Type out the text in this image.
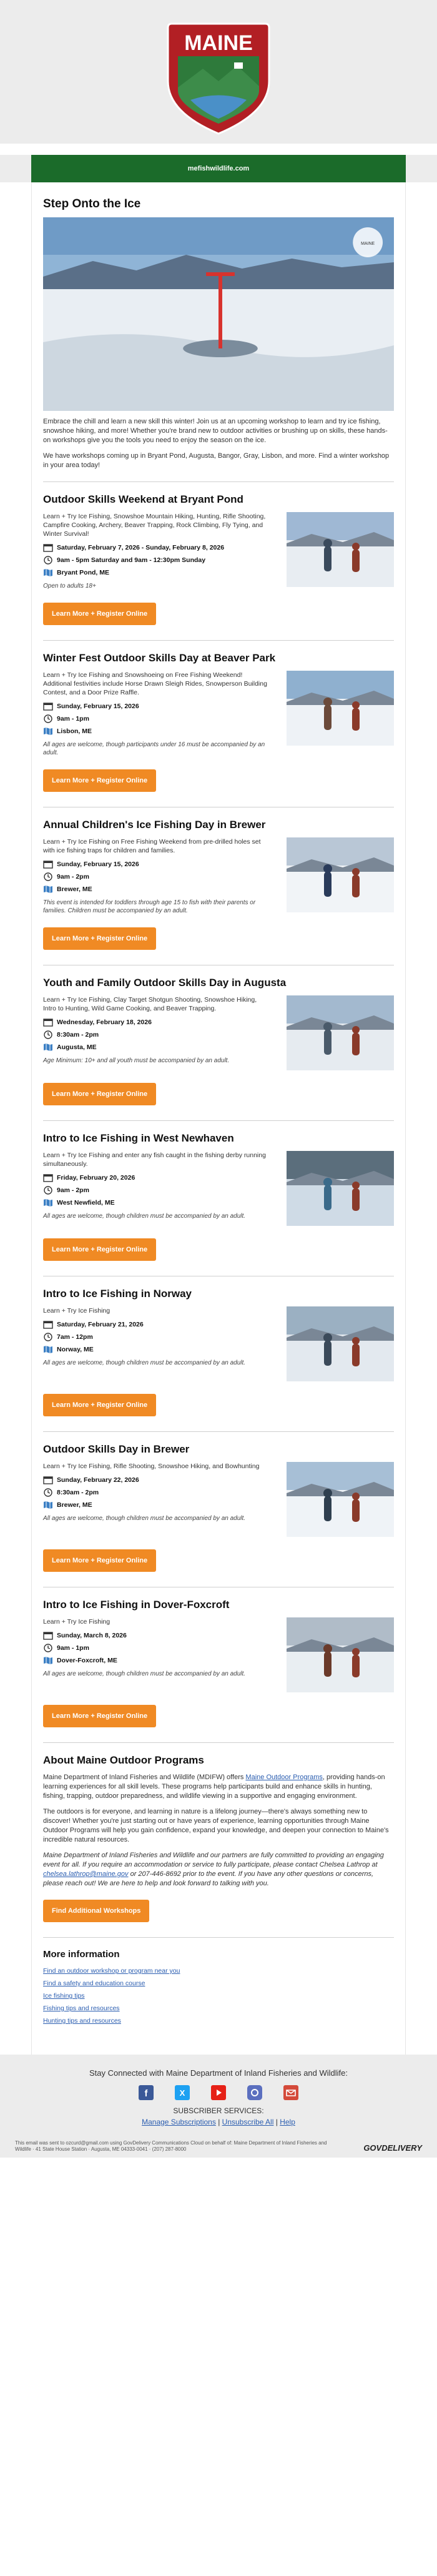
MAINE
mefishwildlife.com
Step Onto the Ice
MAINE

Embrace the chill and learn a new skill this winter! Join us at an upcoming workshop to learn and try ice fishing, snowshoe hiking, and more! Whether you're brand new to outdoor activities or brushing up on skills, these hands-on workshops give you the tools you need to enjoy the season on the ice.

We have workshops coming up in Bryant Pond, Augusta, Bangor, Gray, Lisbon, and more. Find a winter workshop in your area today!

Outdoor Skills Weekend at Bryant Pond

Learn + Try Ice Fishing, Snowshoe Mountain Hiking, Hunting, Rifle Shooting, Campfire Cooking, Archery, Beaver Trapping, Rock Climbing, Fly Tying, and Winter Survival!

Saturday, February 7, 2026 - Sunday, February 8, 2026
9am - 5pm Saturday and 9am - 12:30pm Sunday
Bryant Pond, ME

Open to adults 18+

Learn More + Register Online
Winter Fest Outdoor Skills Day at Beaver Park

Learn + Try Ice Fishing and Snowshoeing on Free Fishing Weekend! Additional festivities include Horse Drawn Sleigh Rides, Snowperson Building Contest, and a Door Prize Raffle.

Sunday, February 15, 2026
9am - 1pm
Lisbon, ME

All ages are welcome, though participants under 16 must be accompanied by an adult.

Learn More + Register Online
Annual Children's Ice Fishing Day in Brewer

Learn + Try Ice Fishing on Free Fishing Weekend from pre-drilled holes set with ice fishing traps for children and families.

Sunday, February 15, 2026
9am - 2pm
Brewer, ME

This event is intended for toddlers through age 15 to fish with their parents or families. Children must be accompanied by an adult.

Learn More + Register Online
Youth and Family Outdoor Skills Day in Augusta

Learn + Try Ice Fishing, Clay Target Shotgun Shooting, Snowshoe Hiking, Intro to Hunting, Wild Game Cooking, and Beaver Trapping.

Wednesday, February 18, 2026
8:30am - 2pm
Augusta, ME

Age Minimum: 10+ and all youth must be accompanied by an adult.

Learn More + Register Online
Intro to Ice Fishing in West Newhaven

Learn + Try Ice Fishing and enter any fish caught in the fishing derby running simultaneously.

Friday, February 20, 2026
9am - 2pm
West Newfield, ME

All ages are welcome, though children must be accompanied by an adult.

Learn More + Register Online
Intro to Ice Fishing in Norway

Learn + Try Ice Fishing

Saturday, February 21, 2026
7am - 12pm
Norway, ME

All ages are welcome, though children must be accompanied by an adult.

Learn More + Register Online
Outdoor Skills Day in Brewer

Learn + Try Ice Fishing, Rifle Shooting, Snowshoe Hiking, and Bowhunting

Sunday, February 22, 2026
8:30am - 2pm
Brewer, ME

All ages are welcome, though children must be accompanied by an adult.

Learn More + Register Online
Intro to Ice Fishing in Dover-Foxcroft

Learn + Try Ice Fishing

Sunday, March 8, 2026
9am - 1pm
Dover-Foxcroft, ME

All ages are welcome, though children must be accompanied by an adult.

Learn More + Register Online
About Maine Outdoor Programs

Maine Department of Inland Fisheries and Wildlife (MDIFW) offers Maine Outdoor Programs, providing hands-on learning experiences for all skill levels. These programs help participants build and enhance skills in hunting, fishing, trapping, outdoor preparedness, and wildlife viewing in a supportive and engaging environment.

The outdoors is for everyone, and learning in nature is a lifelong journey—there's always something new to discover! Whether you're just starting out or have years of experience, learning opportunities through Maine Outdoor Programs will help you gain confidence, expand your knowledge, and deepen your connection to Maine's incredible natural resources.

Maine Department of Inland Fisheries and Wildlife and our partners are fully committed to providing an engaging event for all. If you require an accommodation or service to fully participate, please contact Chelsea Lathrop at chelsea.lathrop@maine.gov or 207-446-8692 prior to the event. If you have any other questions or concerns, please reach out! We are here to help and look forward to talking with you.

Find Additional Workshops
More information
Find an outdoor workshop or program near you
Find a safety and education course
Ice fishing tips
Fishing tips and resources
Hunting tips and resources
Stay Connected with Maine Department of Inland Fisheries and Wildlife:
f	X
SUBSCRIBER SERVICES:
Manage Subscriptions | Unsubscribe All | Help
This email was sent to ozcurd@gmail.com using GovDelivery Communications Cloud on behalf of: Maine Department of Inland Fisheries and Wildlife · 41 State House Station · Augusta, ME 04333-0041 · (207) 287-8000	GOVDELIVERY
